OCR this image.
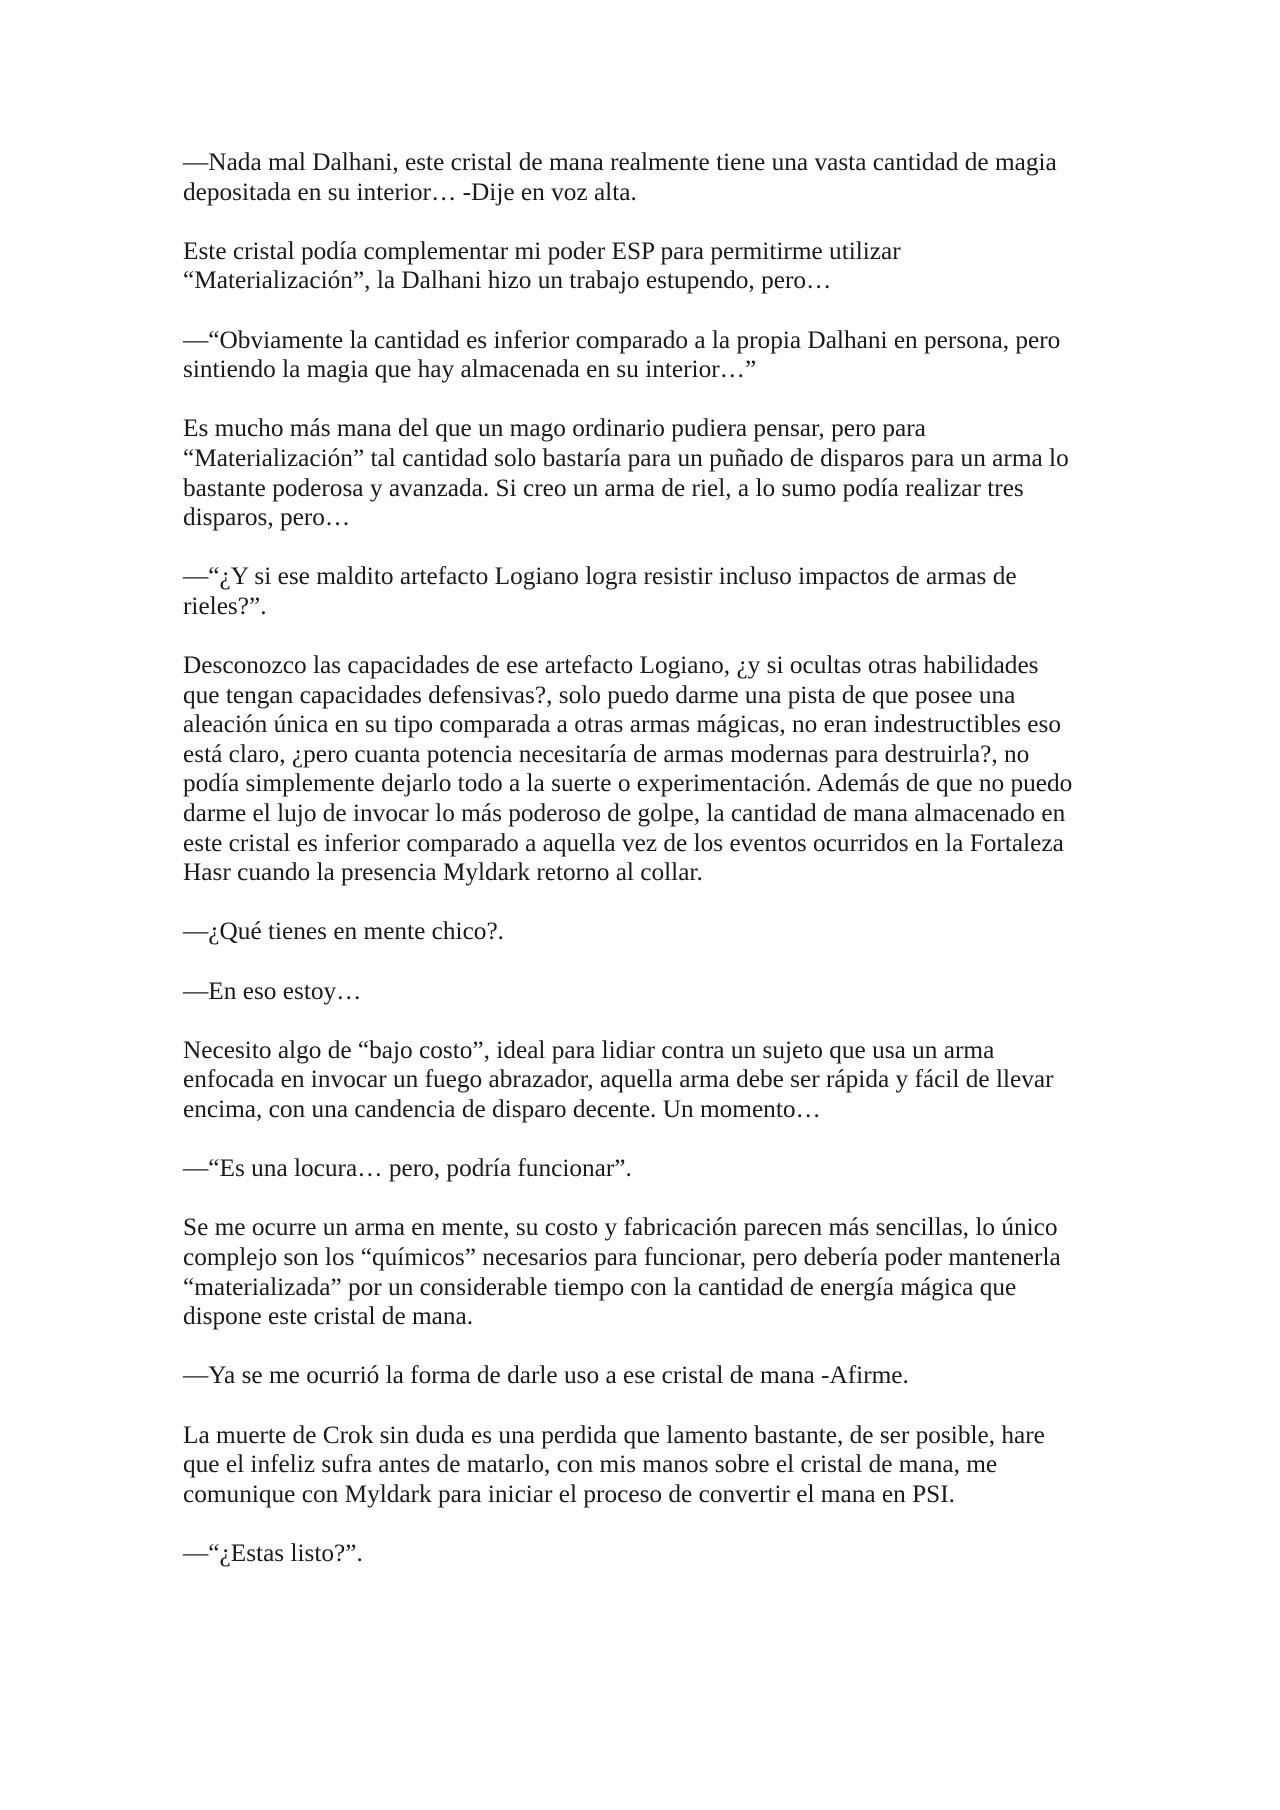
—Nada mal Dalhani, este cristal de mana realmente tiene una vasta cantidad de magia
depositada en su interior… -Dije en voz alta.
Este cristal podía complementar mi poder ESP para permitirme utilizar
“Materialización”, la Dalhani hizo un trabajo estupendo, pero…
—“Obviamente la cantidad es inferior comparado a la propia Dalhani en persona, pero
sintiendo la magia que hay almacenada en su interior…”
Es mucho más mana del que un mago ordinario pudiera pensar, pero para
“Materialización” tal cantidad solo bastaría para un puñado de disparos para un arma lo
bastante poderosa y avanzada. Si creo un arma de riel, a lo sumo podía realizar tres
disparos, pero…
—“¿Y si ese maldito artefacto Logiano logra resistir incluso impactos de armas de
rieles?”.
Desconozco las capacidades de ese artefacto Logiano, ¿y si ocultas otras habilidades
que tengan capacidades defensivas?, solo puedo darme una pista de que posee una
aleación única en su tipo comparada a otras armas mágicas, no eran indestructibles eso
está claro, ¿pero cuanta potencia necesitaría de armas modernas para destruirla?, no
podía simplemente dejarlo todo a la suerte o experimentación. Además de que no puedo
darme el lujo de invocar lo más poderoso de golpe, la cantidad de mana almacenado en
este cristal es inferior comparado a aquella vez de los eventos ocurridos en la Fortaleza
Hasr cuando la presencia Myldark retorno al collar.
—¿Qué tienes en mente chico?.
—En eso estoy…
Necesito algo de “bajo costo”, ideal para lidiar contra un sujeto que usa un arma
enfocada en invocar un fuego abrazador, aquella arma debe ser rápida y fácil de llevar
encima, con una candencia de disparo decente. Un momento…
—“Es una locura… pero, podría funcionar”.
Se me ocurre un arma en mente, su costo y fabricación parecen más sencillas, lo único
complejo son los “químicos” necesarios para funcionar, pero debería poder mantenerla
“materializada” por un considerable tiempo con la cantidad de energía mágica que
dispone este cristal de mana.
—Ya se me ocurrió la forma de darle uso a ese cristal de mana -Afirme.
La muerte de Crok sin duda es una perdida que lamento bastante, de ser posible, hare
que el infeliz sufra antes de matarlo, con mis manos sobre el cristal de mana, me
comunique con Myldark para iniciar el proceso de convertir el mana en PSI.
—“¿Estas listo?”.
